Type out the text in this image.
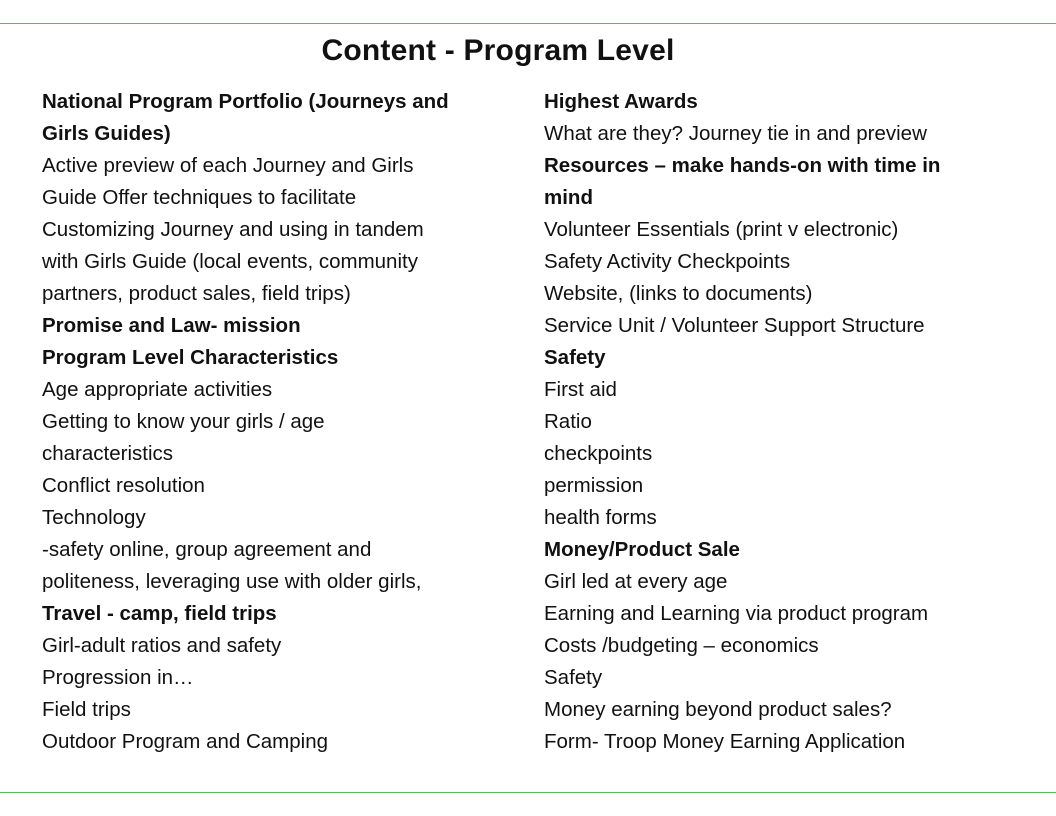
Content - Program Level
National Program Portfolio (Journeys and
Girls Guides)
Active preview of each Journey and Girls
Guide Offer techniques to facilitate
Customizing Journey and using in tandem
with Girls Guide (local events, community
partners, product sales, field trips)
Promise and Law- mission
Program Level Characteristics
Age appropriate activities
Getting to know your girls / age
characteristics
Conflict resolution
Technology
-safety online, group agreement and
politeness, leveraging use with older girls,
Travel - camp, field trips
Girl-adult ratios and safety
Progression in…
Field trips
Outdoor Program and Camping
Highest Awards
What are they? Journey tie in and preview
Resources – make hands-on with time in
mind
Volunteer Essentials (print v electronic)
Safety Activity Checkpoints
Website, (links to documents)
Service Unit / Volunteer Support Structure
Safety
First aid
Ratio
checkpoints
permission
health forms
Money/Product Sale
Girl led at every age
Earning and Learning via product program
Costs /budgeting – economics
Safety
Money earning beyond product sales?
Form- Troop Money Earning Application
